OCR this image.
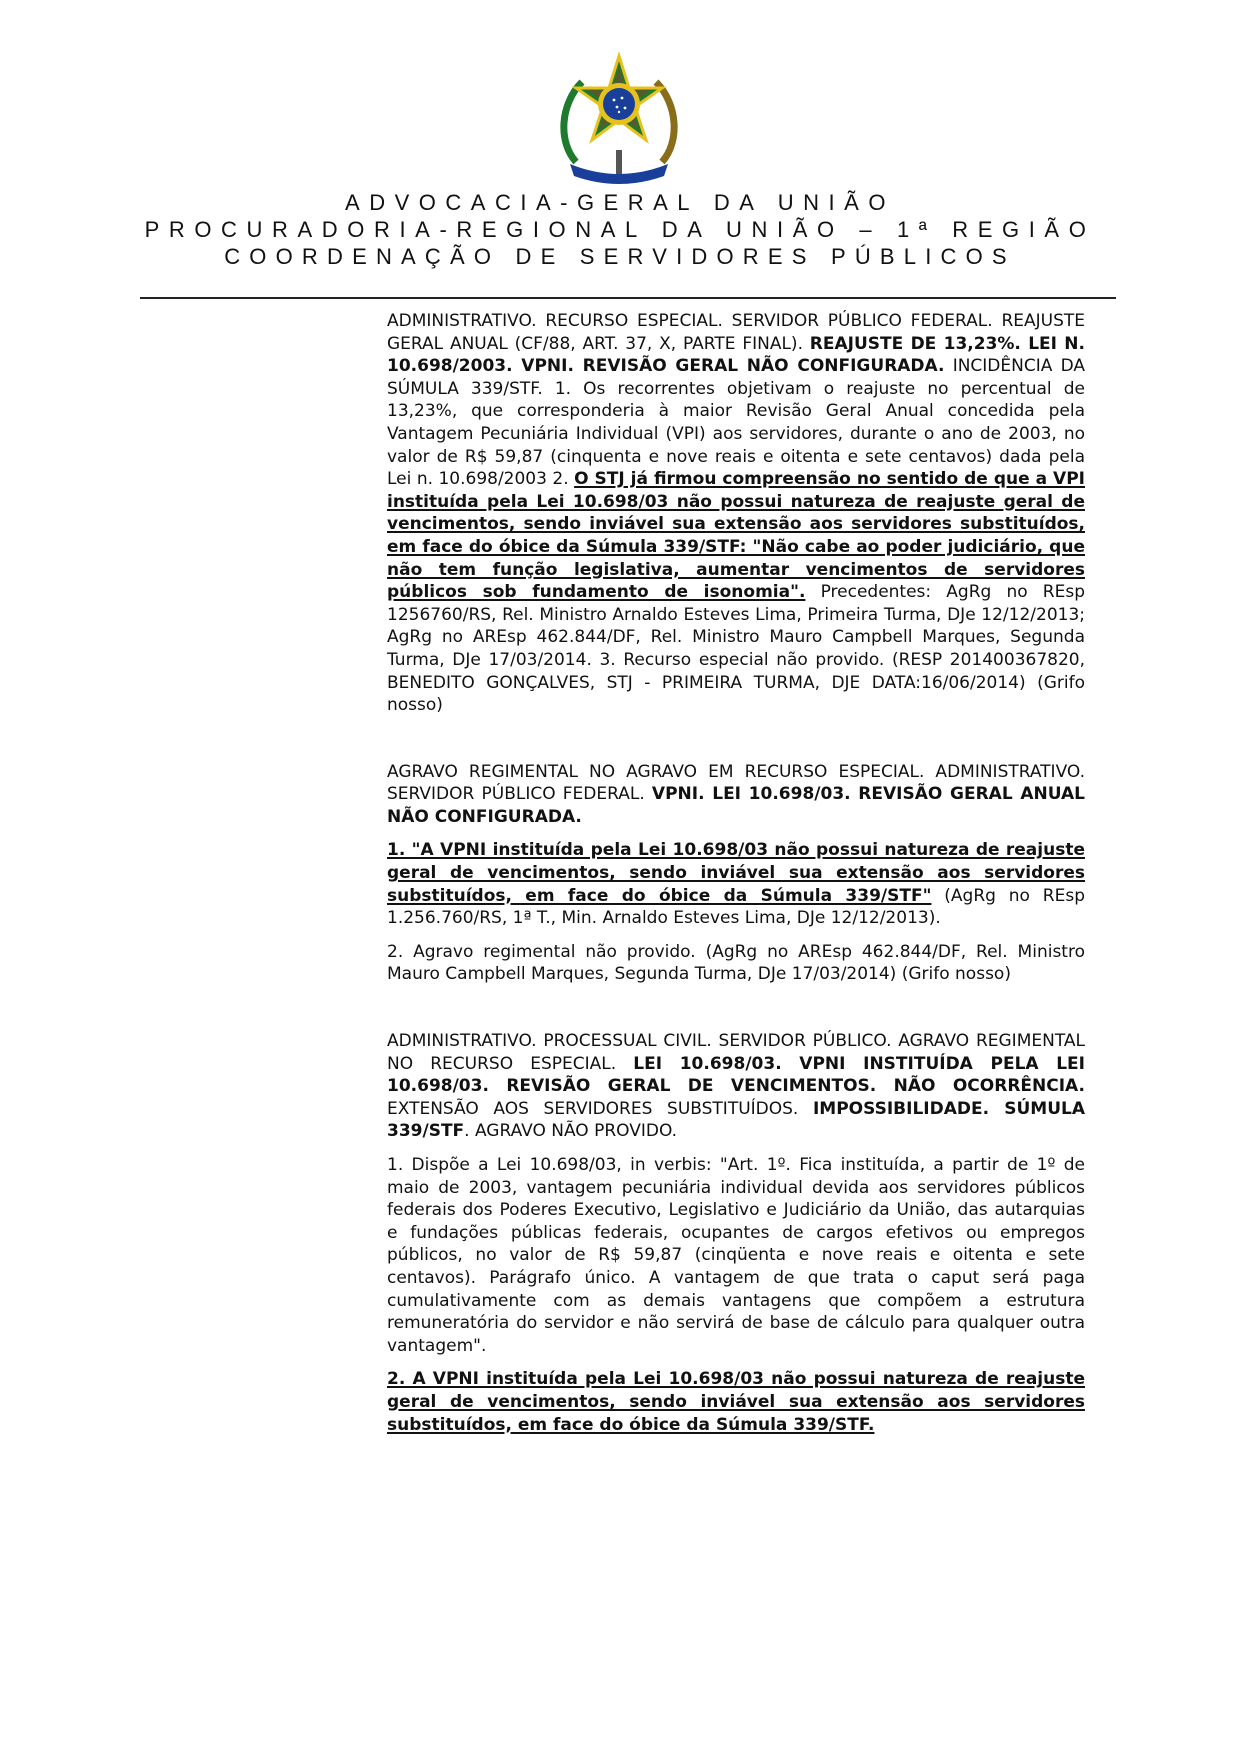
ADVOCACIA-GERAL DA UNIÃO
PROCURADORIA-REGIONAL DA UNIÃO – 1ª REGIÃO
COORDENAÇÃO DE SERVIDORES PÚBLICOS

ADMINISTRATIVO. RECURSO ESPECIAL. SERVIDOR PÚBLICO FEDERAL. REAJUSTE GERAL ANUAL (CF/88, ART. 37, X, PARTE FINAL). REAJUSTE DE 13,23%. LEI N. 10.698/2003. VPNI. REVISÃO GERAL NÃO CONFIGURADA. INCIDÊNCIA DA SÚMULA 339/STF. 1. Os recorrentes objetivam o reajuste no percentual de 13,23%, que corresponderia à maior Revisão Geral Anual concedida pela Vantagem Pecuniária Individual (VPI) aos servidores, durante o ano de 2003, no valor de R$ 59,87 (cinquenta e nove reais e oitenta e sete centavos) dada pela Lei n. 10.698/2003 2. O STJ já firmou compreensão no sentido de que a VPI instituída pela Lei 10.698/03 não possui natureza de reajuste geral de vencimentos, sendo inviável sua extensão aos servidores substituídos, em face do óbice da Súmula 339/STF: "Não cabe ao poder judiciário, que não tem função legislativa, aumentar vencimentos de servidores públicos sob fundamento de isonomia". Precedentes: AgRg no REsp 1256760/RS, Rel. Ministro Arnaldo Esteves Lima, Primeira Turma, DJe 12/12/2013; AgRg no AREsp 462.844/DF, Rel. Ministro Mauro Campbell Marques, Segunda Turma, DJe 17/03/2014. 3. Recurso especial não provido. (RESP 201400367820, BENEDITO GONÇALVES, STJ - PRIMEIRA TURMA, DJE DATA:16/06/2014) (Grifo nosso)

AGRAVO REGIMENTAL NO AGRAVO EM RECURSO ESPECIAL. ADMINISTRATIVO. SERVIDOR PÚBLICO FEDERAL. VPNI. LEI 10.698/03. REVISÃO GERAL ANUAL NÃO CONFIGURADA.

1. "A VPNI instituída pela Lei 10.698/03 não possui natureza de reajuste geral de vencimentos, sendo inviável sua extensão aos servidores substituídos, em face do óbice da Súmula 339/STF" (AgRg no REsp 1.256.760/RS, 1ª T., Min. Arnaldo Esteves Lima, DJe 12/12/2013).

2. Agravo regimental não provido. (AgRg no AREsp 462.844/DF, Rel. Ministro Mauro Campbell Marques, Segunda Turma, DJe 17/03/2014) (Grifo nosso)

ADMINISTRATIVO. PROCESSUAL CIVIL. SERVIDOR PÚBLICO. AGRAVO REGIMENTAL NO RECURSO ESPECIAL. LEI 10.698/03. VPNI INSTITUÍDA PELA LEI 10.698/03. REVISÃO GERAL DE VENCIMENTOS. NÃO OCORRÊNCIA. EXTENSÃO AOS SERVIDORES SUBSTITUÍDOS. IMPOSSIBILIDADE. SÚMULA 339/STF. AGRAVO NÃO PROVIDO.

1. Dispõe a Lei 10.698/03, in verbis: "Art. 1º. Fica instituída, a partir de 1º de maio de 2003, vantagem pecuniária individual devida aos servidores públicos federais dos Poderes Executivo, Legislativo e Judiciário da União, das autarquias e fundações públicas federais, ocupantes de cargos efetivos ou empregos públicos, no valor de R$ 59,87 (cinqüenta e nove reais e oitenta e sete centavos). Parágrafo único. A vantagem de que trata o caput será paga cumulativamente com as demais vantagens que compõem a estrutura remuneratória do servidor e não servirá de base de cálculo para qualquer outra vantagem".

2. A VPNI instituída pela Lei 10.698/03 não possui natureza de reajuste geral de vencimentos, sendo inviável sua extensão aos servidores substituídos, em face do óbice da Súmula 339/STF.
